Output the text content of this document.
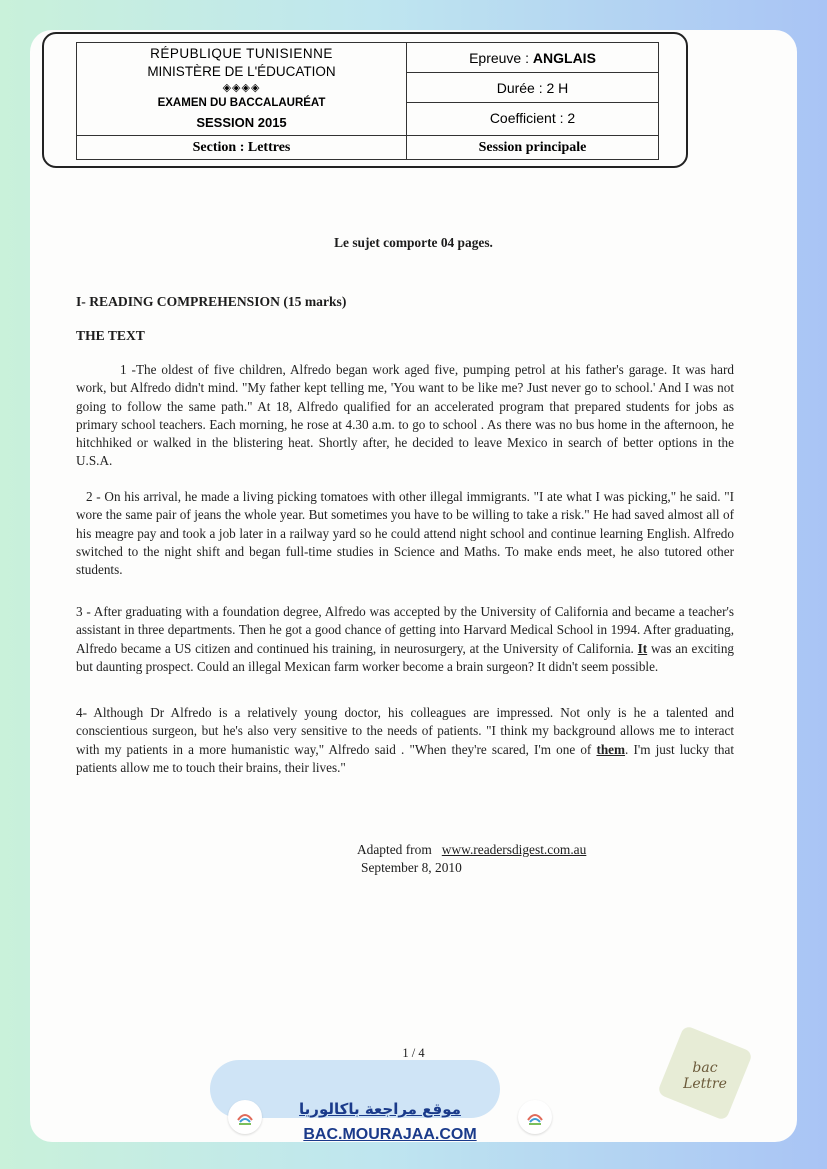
RÉPUBLIQUE TUNISIENNE
MINISTÈRE DE L'ÉDUCATION
◈◈◈◈
EXAMEN DU BACCALAURÉAT
SESSION 2015
Epreuve : ANGLAIS
Durée : 2 H
Coefficient : 2
Section : Lettres	Session principale
Le sujet comporte 04 pages.
I- READING COMPREHENSION (15 marks)
THE TEXT

1 -The oldest of five children, Alfredo began work aged five, pumping petrol at his father's garage. It was hard work, but Alfredo didn't mind. "My father kept telling me, 'You want to be like me? Just never go to school.' And I was not going to follow the same path." At 18, Alfredo qualified for an accelerated program that prepared students for jobs as primary school teachers. Each morning, he rose at 4.30 a.m. to go to school . As there was no bus home in the afternoon, he hitchhiked or walked in the blistering heat. Shortly after, he decided to leave Mexico in search of better options in the U.S.A.

2 - On his arrival, he made a living picking tomatoes with other illegal immigrants. "I ate what I was picking," he said. "I wore the same pair of jeans the whole year. But sometimes you have to be willing to take a risk." He had saved almost all of his meagre pay and took a job later in a railway yard so he could attend night school and continue learning English. Alfredo switched to the night shift and began full-time studies in Science and Maths. To make ends meet, he also tutored other students.

3 - After graduating with a foundation degree, Alfredo was accepted by the University of California and became a teacher's assistant in three departments. Then he got a good chance of getting into Harvard Medical School in 1994. After graduating, Alfredo became a US citizen and continued his training, in neurosurgery, at the University of California. It was an exciting but daunting prospect. Could an illegal Mexican farm worker become a brain surgeon? It didn't seem possible.

4- Although Dr Alfredo is a relatively young doctor, his colleagues are impressed. Not only is he a talented and conscientious surgeon, but he's also very sensitive to the needs of patients. "I think my background allows me to interact with my patients in a more humanistic way," Alfredo said . "When they're scared, I'm one of them. I'm just lucky that patients allow me to touch their brains, their lives."

Adapted from www.readersdigest.com.au
September 8, 2010
1 / 4
موقع مراجعة باكالوريا
BAC.MOURAJAA.COM
bac Lettre
